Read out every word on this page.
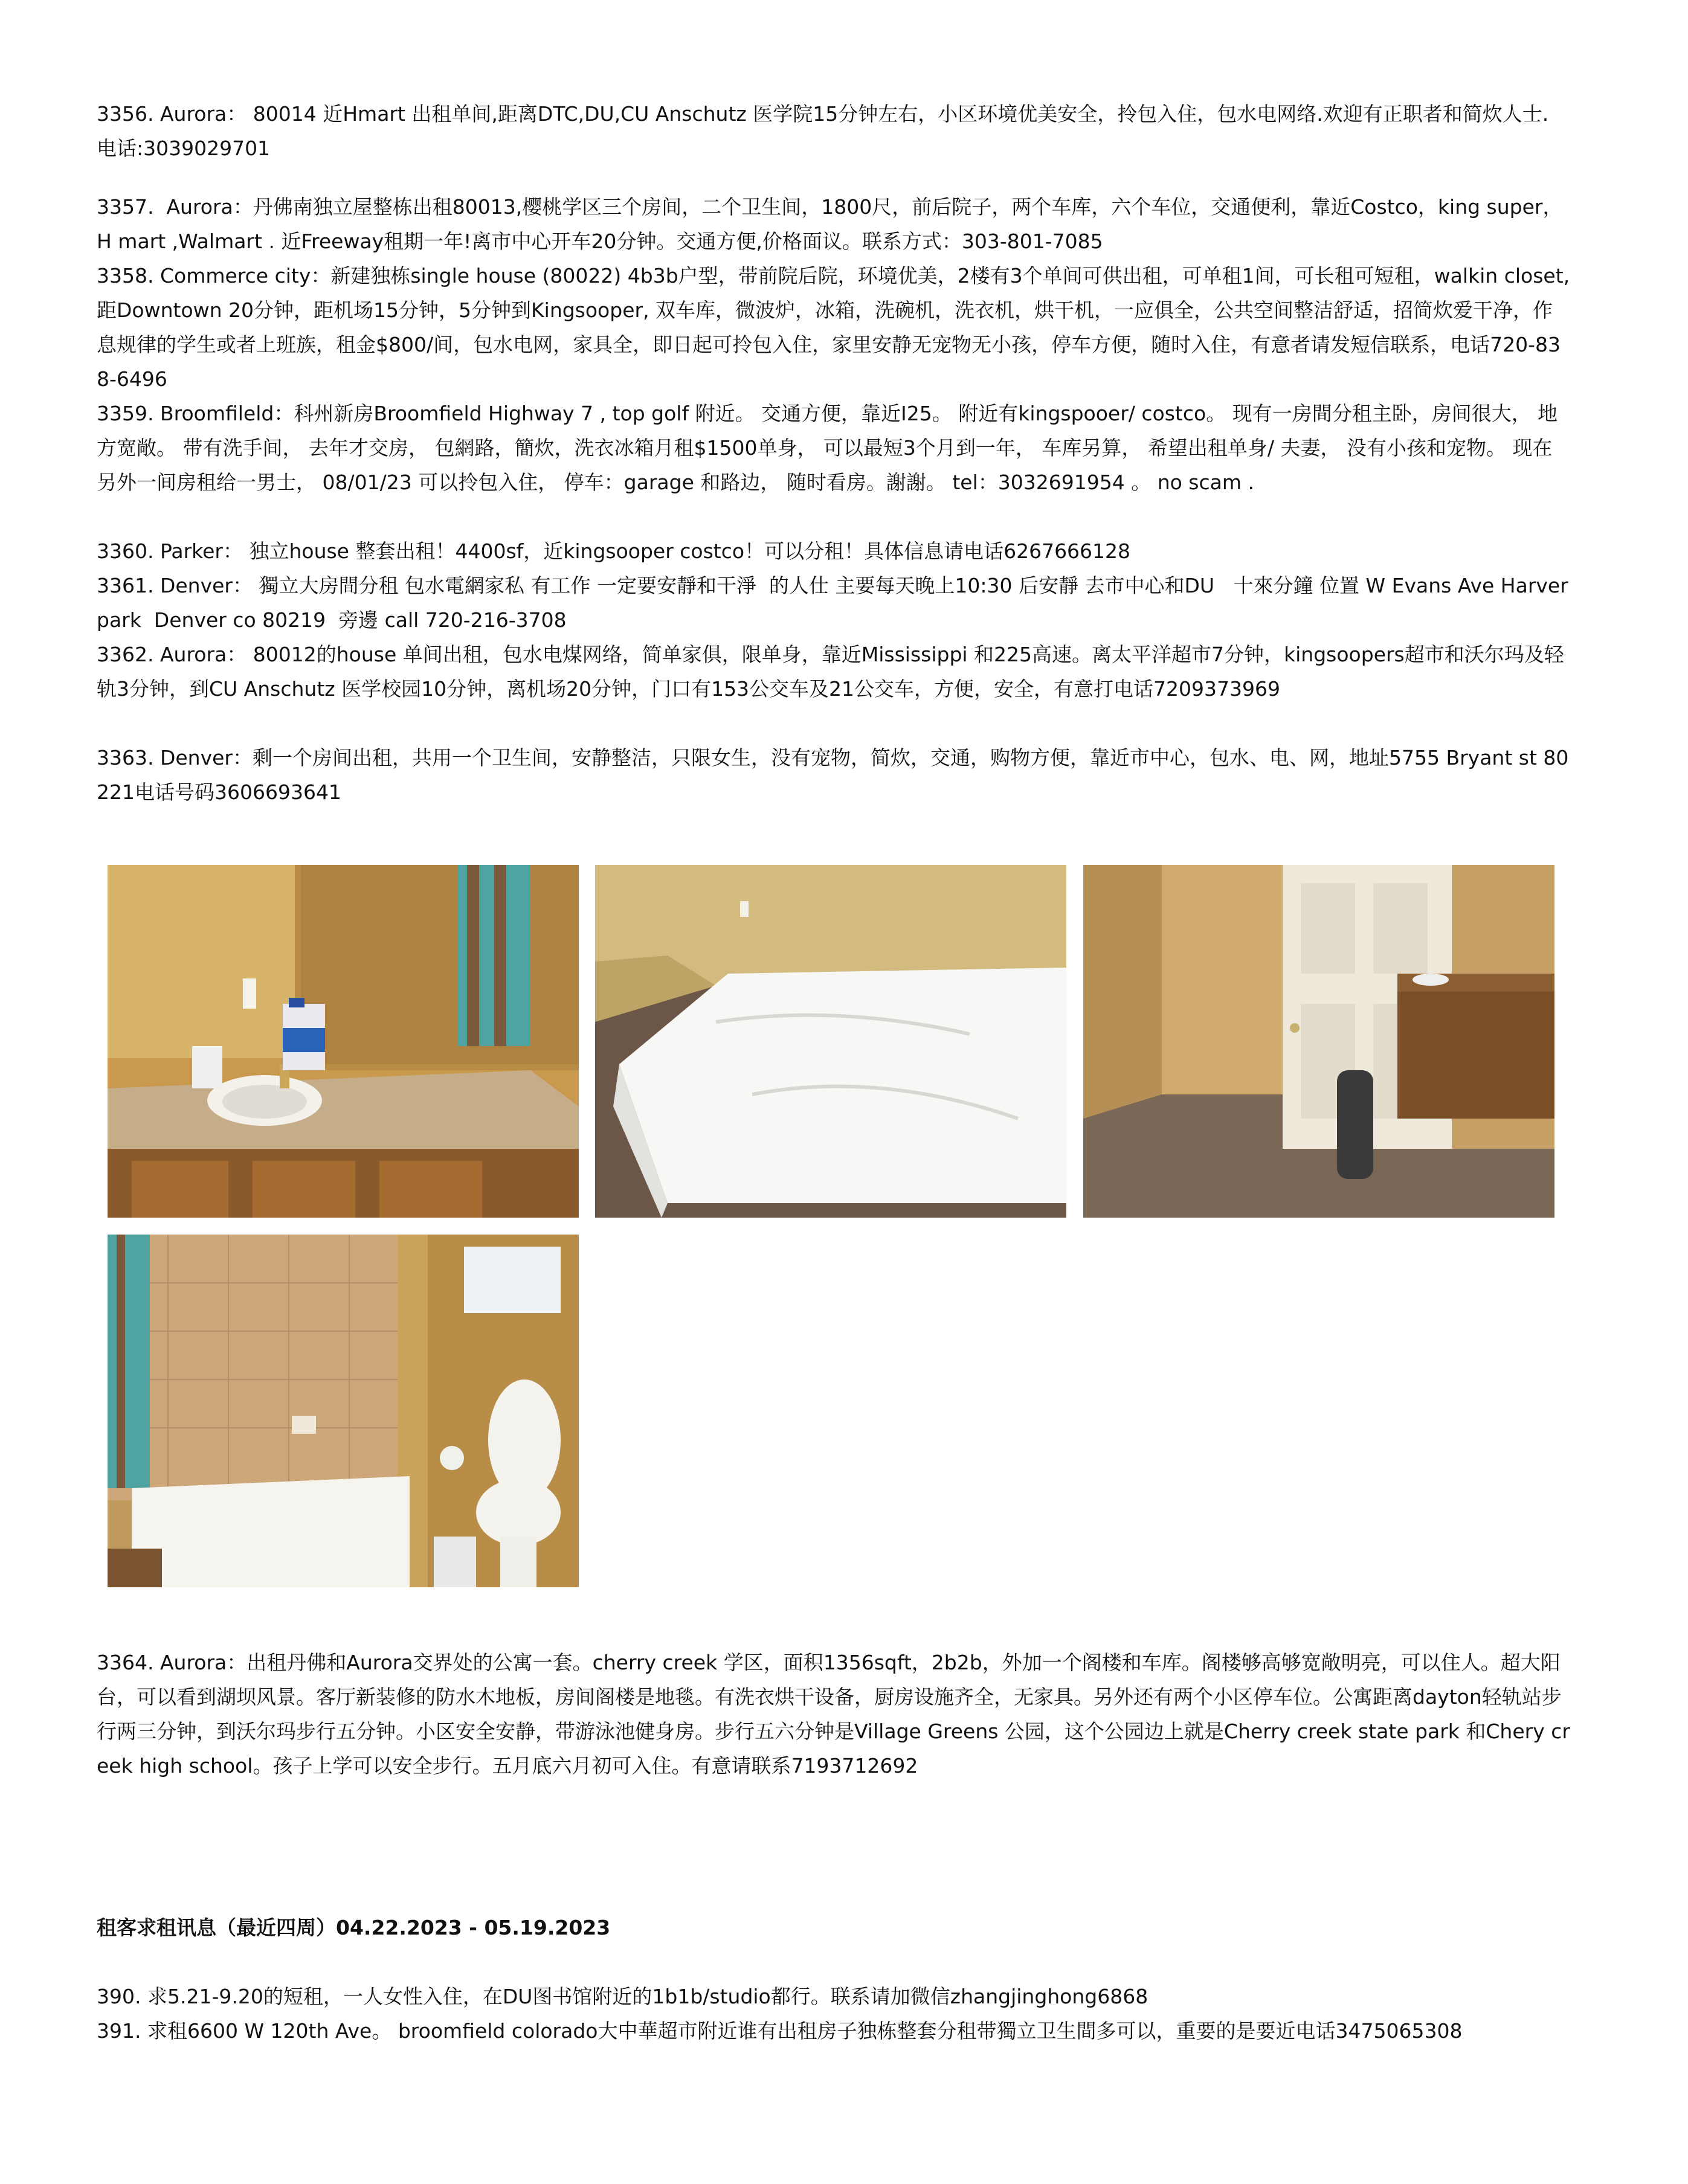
3356. Aurora： 80014 近Hmart 出租单间,距离DTC,DU,CU Anschutz 医学院15分钟左右，小区环境优美安全，拎包入住，包水电网络.欢迎有正职者和简炊人士. 电话:3039029701

3357.  Aurora：丹佛南独立屋整栋出租80013,樱桃学区三个房间，二个卫生间，1800尺，前后院子，两个车库，六个车位，交通便利，靠近Costco，king super，H mart ,Walmart . 近Freeway租期一年!离市中心开车20分钟。交通方便,价格面议。联系方式：303-801-7085

3358. Commerce city：新建独栋single house (80022) 4b3b户型，带前院后院，环境优美，2楼有3个单间可供出租，可单租1间，可长租可短租，walkin closet, 距Downtown 20分钟，距机场15分钟，5分钟到Kingsooper, 双车库，微波炉，冰箱，洗碗机，洗衣机，烘干机，一应俱全，公共空间整洁舒适，招简炊爱干净，作息规律的学生或者上班族，租金$800/间，包水电网，家具全，即日起可拎包入住，家里安静无宠物无小孩，停车方便，随时入住，有意者请发短信联系，电话720-838-6496

3359. Broomfileld：科州新房Broomfield Highway 7 , top golf 附近。 交通方便，靠近I25。 附近有kingspooer/ costco。 现有一房間分租主卧，房间很大， 地方宽敞。 带有洗手间， 去年才交房， 包網路，簡炊，洗衣冰箱月租$1500单身， 可以最短3个月到一年， 车库另算， 希望出租单身/ 夫妻， 没有小孩和宠物。 现在另外一间房租给一男士， 08/01/23 可以拎包入住， 停车：garage 和路边， 随时看房。謝謝。 tel：3032691954 。 no scam .

3360. Parker： 独立house 整套出租！4400sf，近kingsooper costco！可以分租！具体信息请电话6267666128

3361. Denver： 獨立大房間分租 包水電網家私 有工作 一定要安靜和干淨  的人仕 主要每天晚上10:30 后安靜 去市中心和DU   十來分鐘 位置 W Evans Ave Harver park  Denver co 80219  旁邊 call 720-216-3708

3362. Aurora： 80012的house 单间出租，包水电煤网络，简单家俱，限单身，靠近Mississippi 和225高速。离太平洋超市7分钟，kingsoopers超市和沃尔玛及轻轨3分钟，到CU Anschutz 医学校园10分钟，离机场20分钟，门口有153公交车及21公交车，方便，安全，有意打电话7209373969

3363. Denver：剩一个房间出租，共用一个卫生间，安静整洁，只限女生，没有宠物，简炊，交通，购物方便，靠近市中心，包水、电、网，地址5755 Bryant st 80221电话号码3606693641

3364. Aurora：出租丹佛和Aurora交界处的公寓一套。cherry creek 学区，面积1356sqft，2b2b，外加一个阁楼和车库。阁楼够高够宽敞明亮，可以住人。超大阳台，可以看到湖坝风景。客厅新装修的防水木地板，房间阁楼是地毯。有洗衣烘干设备，厨房设施齐全，无家具。另外还有两个小区停车位。公寓距离dayton轻轨站步行两三分钟，到沃尔玛步行五分钟。小区安全安静，带游泳池健身房。步行五六分钟是Village Greens 公园，这个公园边上就是Cherry creek state park 和Chery creek high school。孩子上学可以安全步行。五月底六月初可入住。有意请联系7193712692

租客求租讯息（最近四周）04.22.2023 - 05.19.2023

390. 求5.21-9.20的短租，一人女性入住，在DU图书馆附近的1b1b/studio都行。联系请加微信zhangjinghong6868

391. 求租6600 W 120th Ave。 broomfield colorado大中華超市附近谁有出租房子独栋整套分租带獨立卫生間多可以，重要的是要近电话3475065308
